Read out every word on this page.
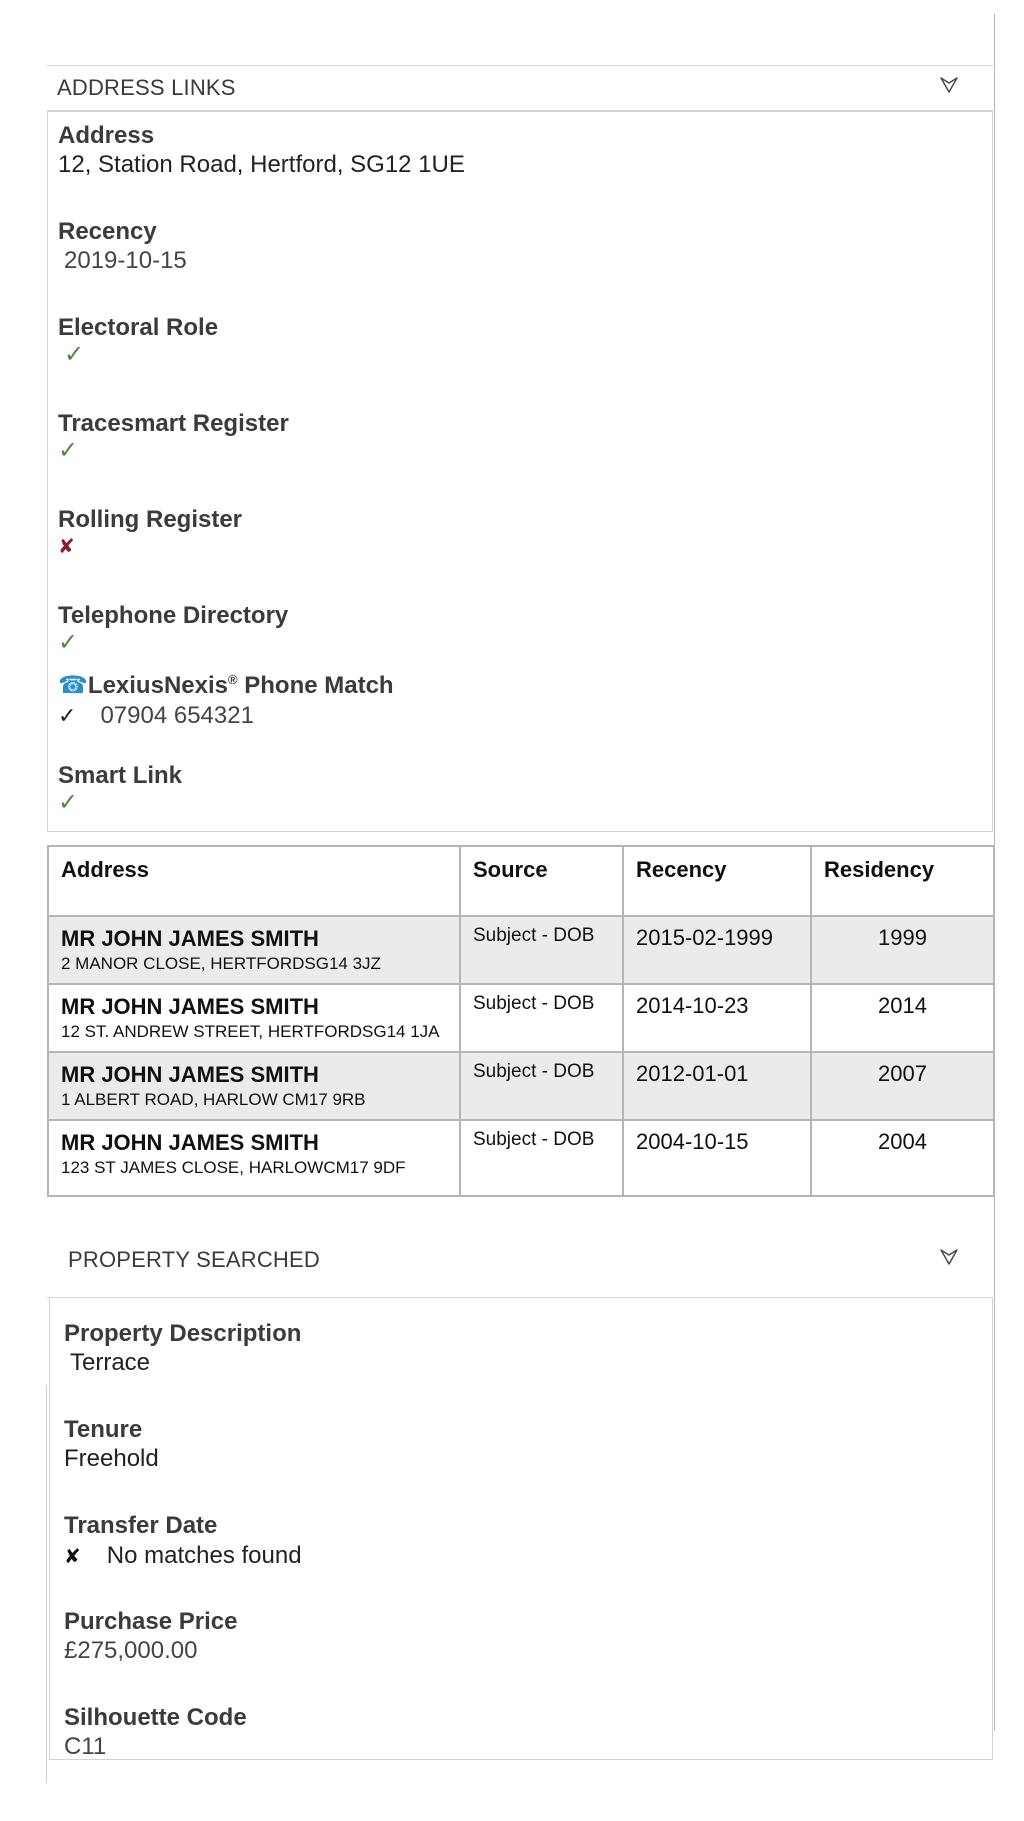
ADDRESS LINKS
Address
12, Station Road, Hertford, SG12 1UE
Recency
2019-10-15
Electoral Role
✓
Tracesmart Register
✓
Rolling Register
✘
Telephone Directory
✓
☎LexiusNexis® Phone Match
✓ 07904 654321
Smart Link
✓
Address	Source	Recency	Residency

MR JOHN JAMES SMITH
2 MANOR CLOSE, HERTFORDSG14 3JZ	Subject - DOB	2015-02-1999	1999

MR JOHN JAMES SMITH
12 ST. ANDREW STREET, HERTFORDSG14 1JA	Subject - DOB	2014-10-23	2014

MR JOHN JAMES SMITH
1 ALBERT ROAD, HARLOW CM17 9RB	Subject - DOB	2012-01-01	2007

MR JOHN JAMES SMITH
123 ST JAMES CLOSE, HARLOWCM17 9DF	Subject - DOB	2004-10-15	2004
PROPERTY SEARCHED
Property Description
Terrace
Tenure
Freehold
Transfer Date
✘ No matches found
Purchase Price
£275,000.00
Silhouette Code
C11
